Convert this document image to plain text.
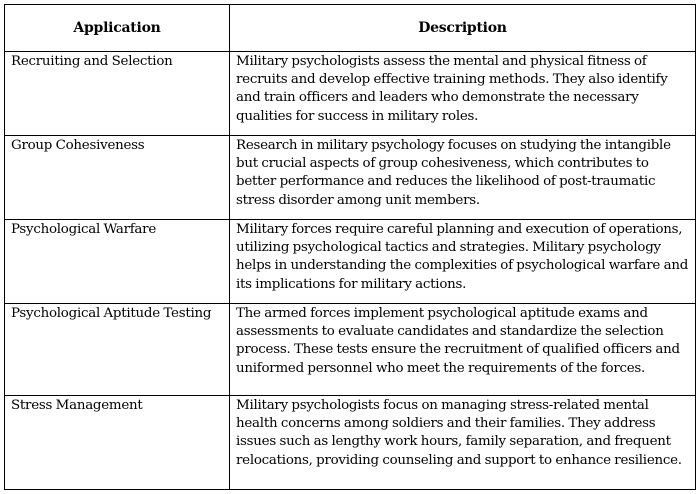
Application	Description
Recruiting and Selection	Military psychologists assess the mental and physical fitness of recruits and develop effective training methods. They also identify and train officers and leaders who demonstrate the necessary qualities for success in military roles.
Group Cohesiveness	Research in military psychology focuses on studying the intangible but crucial aspects of group cohesiveness, which contributes to better performance and reduces the likelihood of post-traumatic stress disorder among unit members.
Psychological Warfare	Military forces require careful planning and execution of operations, utilizing psychological tactics and strategies. Military psychology helps in understanding the complexities of psychological warfare and its implications for military actions.
Psychological Aptitude Testing	The armed forces implement psychological aptitude exams and assessments to evaluate candidates and standardize the selection process. These tests ensure the recruitment of qualified officers and uniformed personnel who meet the requirements of the forces.
Stress Management	Military psychologists focus on managing stress-related mental health concerns among soldiers and their families. They address issues such as lengthy work hours, family separation, and frequent relocations, providing counseling and support to enhance resilience.
